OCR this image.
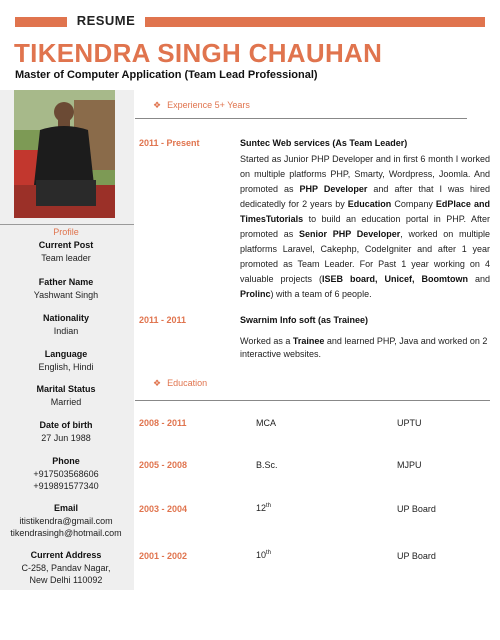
RESUME
TIKENDRA SINGH CHAUHAN
Master of Computer Application (Team Lead Professional)
Profile
Current Post
Team leader
Father Name
Yashwant Singh
Nationality
Indian
Language
English, Hindi
Marital Status
Married
Date of birth
27 Jun 1988
Phone
+917503568606
+919891577340
Email
itistikendra@gmail.com
tikendrasingh@hotmail.com
Current Address
C-258, Pandav Nagar,
New Delhi 110092
❖ Experience 5+ Years
2011 - Present	Suntec Web services (As Team Leader)
Started as Junior PHP Developer and in first 6 month I worked on multiple platforms PHP, Smarty, Wordpress, Joomla. And promoted as PHP Developer and after that I was hired dedicatedly for 2 years by Education Company EdPlace and TimesTutorials to build an education portal in PHP. After promoted as Senior PHP Developer, worked on multiple platforms Laravel, Cakephp, CodeIgniter and after 1 year promoted as Team Leader. For Past 1 year working on 4 valuable projects (ISEB board, Unicef, Boomtown and Prolinc) with a team of 6 people.
2011 - 2011	Swarnim Info soft (as Trainee)
Worked as a Trainee and learned PHP, Java and worked on 2 interactive websites.
❖ Education
2008 - 2011	MCA	UPTU
2005 - 2008	B.Sc.	MJPU
2003 - 2004	12th	UP Board
2001 - 2002	10th	UP Board
